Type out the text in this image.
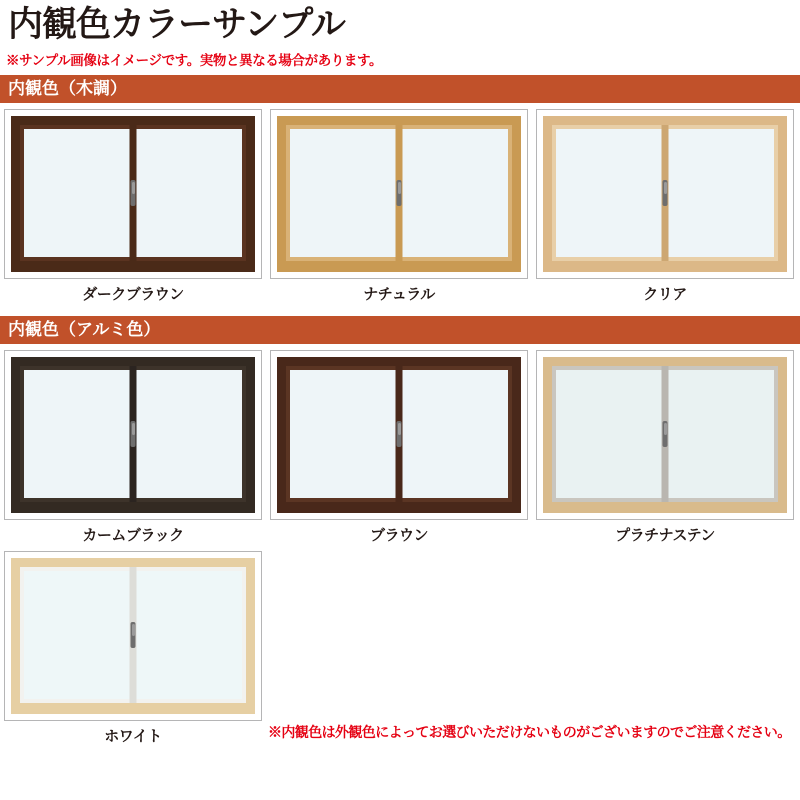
内観色カラーサンプル
※サンプル画像はイメージです。実物と異なる場合があります。
内観色（木調）
ダークブラウン	ナチュラル	クリア
内観色（アルミ色）
カームブラック	ブラウン	プラチナステン
ホワイト	※内観色は外観色によってお選びいただけないものがございますのでご注意ください。
